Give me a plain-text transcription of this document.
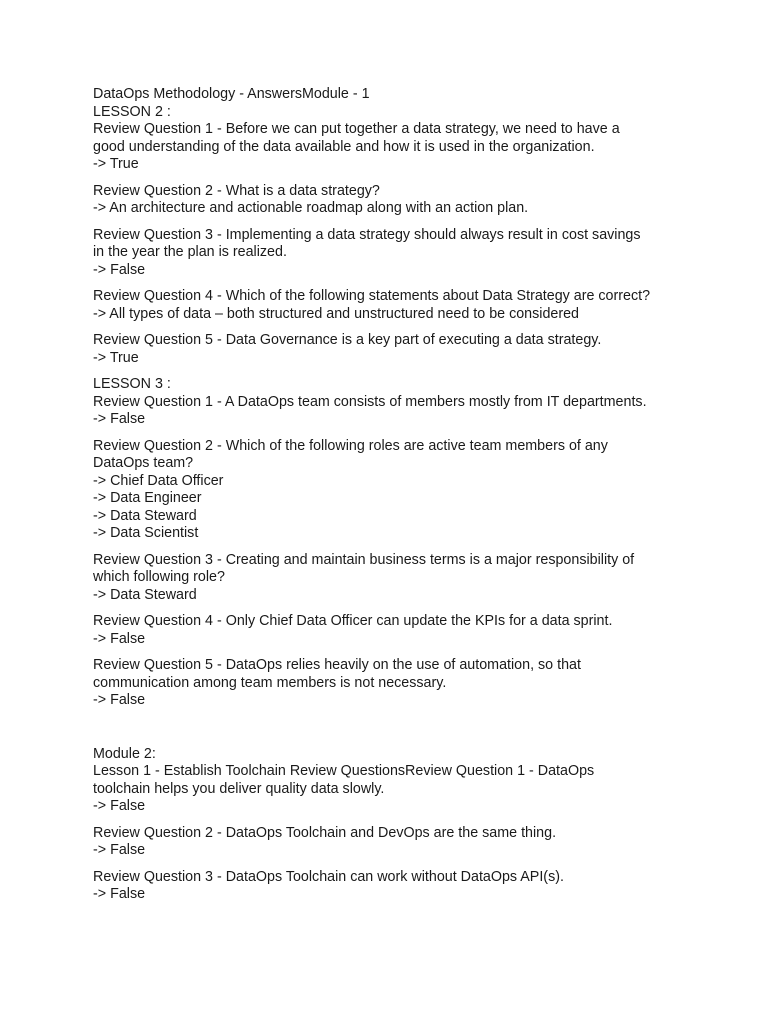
DataOps Methodology - AnswersModule - 1
LESSON 2 :
Review Question 1 - Before we can put together a data strategy, we need to have a
good understanding of the data available and how it is used in the organization.
-> True
Review Question 2 - What is a data strategy?
-> An architecture and actionable roadmap along with an action plan.
Review Question 3 - Implementing a data strategy should always result in cost savings
in the year the plan is realized.
-> False
Review Question 4 - Which of the following statements about Data Strategy are correct?
-> All types of data – both structured and unstructured need to be considered
Review Question 5 - Data Governance is a key part of executing a data strategy.
-> True
LESSON 3 :
Review Question 1 - A DataOps team consists of members mostly from IT departments.
-> False
Review Question 2 - Which of the following roles are active team members of any
DataOps team?
-> Chief Data Officer
-> Data Engineer
-> Data Steward
-> Data Scientist
Review Question 3 - Creating and maintain business terms is a major responsibility of
which following role?
-> Data Steward
Review Question 4 - Only Chief Data Officer can update the KPIs for a data sprint.
-> False
Review Question 5 - DataOps relies heavily on the use of automation, so that
communication among team members is not necessary.
-> False
Module 2:
Lesson 1 - Establish Toolchain Review QuestionsReview Question 1 - DataOps
toolchain helps you deliver quality data slowly.
-> False
Review Question 2 - DataOps Toolchain and DevOps are the same thing.
-> False
Review Question 3 - DataOps Toolchain can work without DataOps API(s).
-> False
